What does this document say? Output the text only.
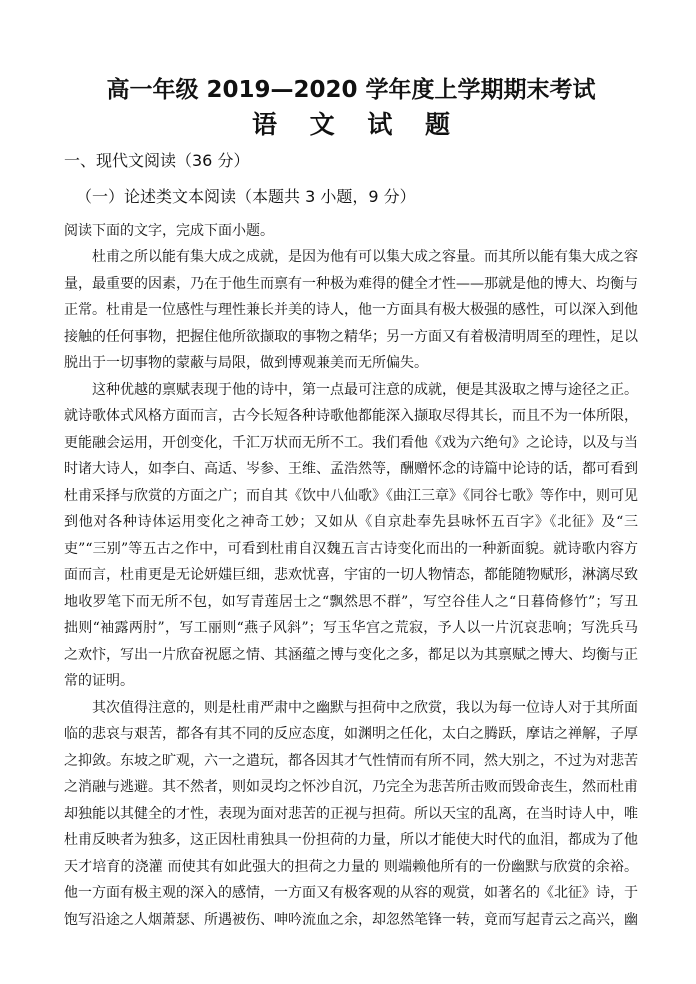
高一年级 2019—2020 学年度上学期期末考试
语 文 试 题
一、现代文阅读（36 分）
（一）论述类文本阅读（本题共 3 小题，9 分）
阅读下面的文字，完成下面小题。

杜甫之所以能有集大成之成就，是因为他有可以集大成之容量。而其所以能有集大成之容量，最重要的因素，乃在于他生而禀有一种极为难得的健全才性——那就是他的博大、均衡与正常。杜甫是一位感性与理性兼长并美的诗人，他一方面具有极大极强的感性，可以深入到他接触的任何事物，把握住他所欲撷取的事物之精华；另一方面又有着极清明周至的理性，足以脱出于一切事物的蒙蔽与局限，做到博观兼美而无所偏失。

这种优越的禀赋表现于他的诗中，第一点最可注意的成就，便是其汲取之博与途径之正。就诗歌体式风格方面而言，古今长短各种诗歌他都能深入撷取尽得其长，而且不为一体所限，更能融会运用，开创变化，千汇万状而无所不工。我们看他《戏为六绝句》之论诗，以及与当时诸大诗人，如李白、高适、岑参、王维、孟浩然等，酬赠怀念的诗篇中论诗的话，都可看到杜甫采择与欣赏的方面之广；而自其《饮中八仙歌》《曲江三章》《同谷七歌》等作中，则可见到他对各种诗体运用变化之神奇工妙；又如从《自京赴奉先县咏怀五百字》《北征》及“三吏”“三别”等五古之作中，可看到杜甫自汉魏五言古诗变化而出的一种新面貌。就诗歌内容方面而言，杜甫更是无论妍媸巨细，悲欢忧喜，宇宙的一切人物情态，都能随物赋形，淋漓尽致地收罗笔下而无所不包，如写青莲居士之“飘然思不群”，写空谷佳人之“日暮倚修竹”；写丑拙则“袖露两肘”，写工丽则“燕子风斜”；写玉华宫之荒寂，予人以一片沉哀悲响；写洗兵马之欢忭，写出一片欣奋祝愿之情、其涵蕴之博与变化之多，都足以为其禀赋之博大、均衡与正常的证明。

其次值得注意的，则是杜甫严肃中之幽默与担荷中之欣赏，我以为每一位诗人对于其所面临的悲哀与艰苦，都各有其不同的反应态度，如渊明之任化，太白之腾跃，摩诘之禅解，子厚之抑敛。东坡之旷观，六一之遣玩，都各因其才气性情而有所不同，然大别之，不过为对悲苦之消融与逃避。其不然者，则如灵均之怀沙自沉，乃完全为悲苦所击败而毁命丧生，然而杜甫却独能以其健全的才性，表现为面对悲苦的正视与担荷。所以天宝的乱离，在当时诗人中，唯杜甫反映者为独多，这正因杜甫独具一份担荷的力量，所以才能使大时代的血泪，都成为了他天才培育的浇灌 而使其有如此强大的担荷之力量的 则端赖他所有的一份幽默与欣赏的余裕。他一方面有极主观的深入的感情，一方面又有极客观的从容的观赏，如著名的《北征》诗，于饱写沿途之人烟萧瑟、所遇被伤、呻吟流血之余，却忽然笔锋一转，竟而写起青云之高兴，幽
